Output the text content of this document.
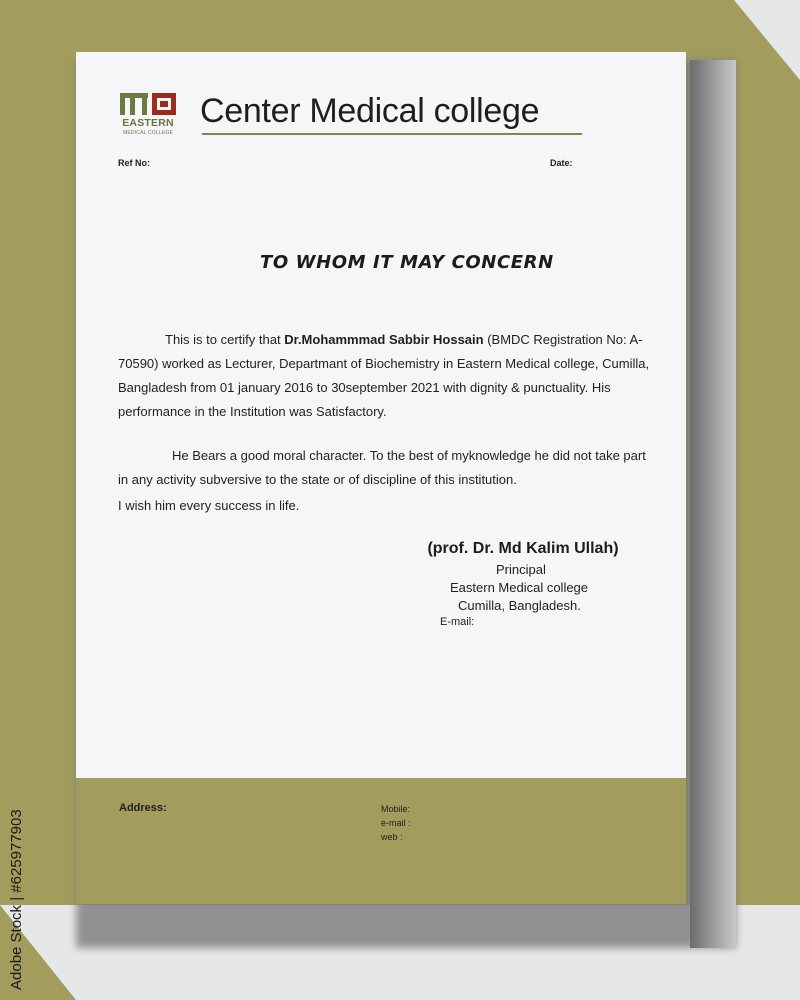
EASTERN
MEDICAL COLLEGE
Center Medical college
Ref No:	Date:
TO WHOM IT MAY CONCERN
This is to certify that Dr.Mohammmad Sabbir Hossain (BMDC Registration No: A-70590) worked as Lecturer, Departmant of Biochemistry in Eastern Medical college, Cumilla, Bangladesh from 01 january 2016 to 30september 2021 with dignity & punctuality. His performance in the Institution was Satisfactory.
He Bears a good moral character. To the best of myknowledge he did not take part in any activity subversive to the state or of discipline of this institution.
I wish him every success in life.
(prof. Dr. Md Kalim Ullah)
Principal
Eastern Medical college
Cumilla, Bangladesh.
E-mail:
Address:	Mobile:
e-mail :
web :
Adobe Stock | #625977903
